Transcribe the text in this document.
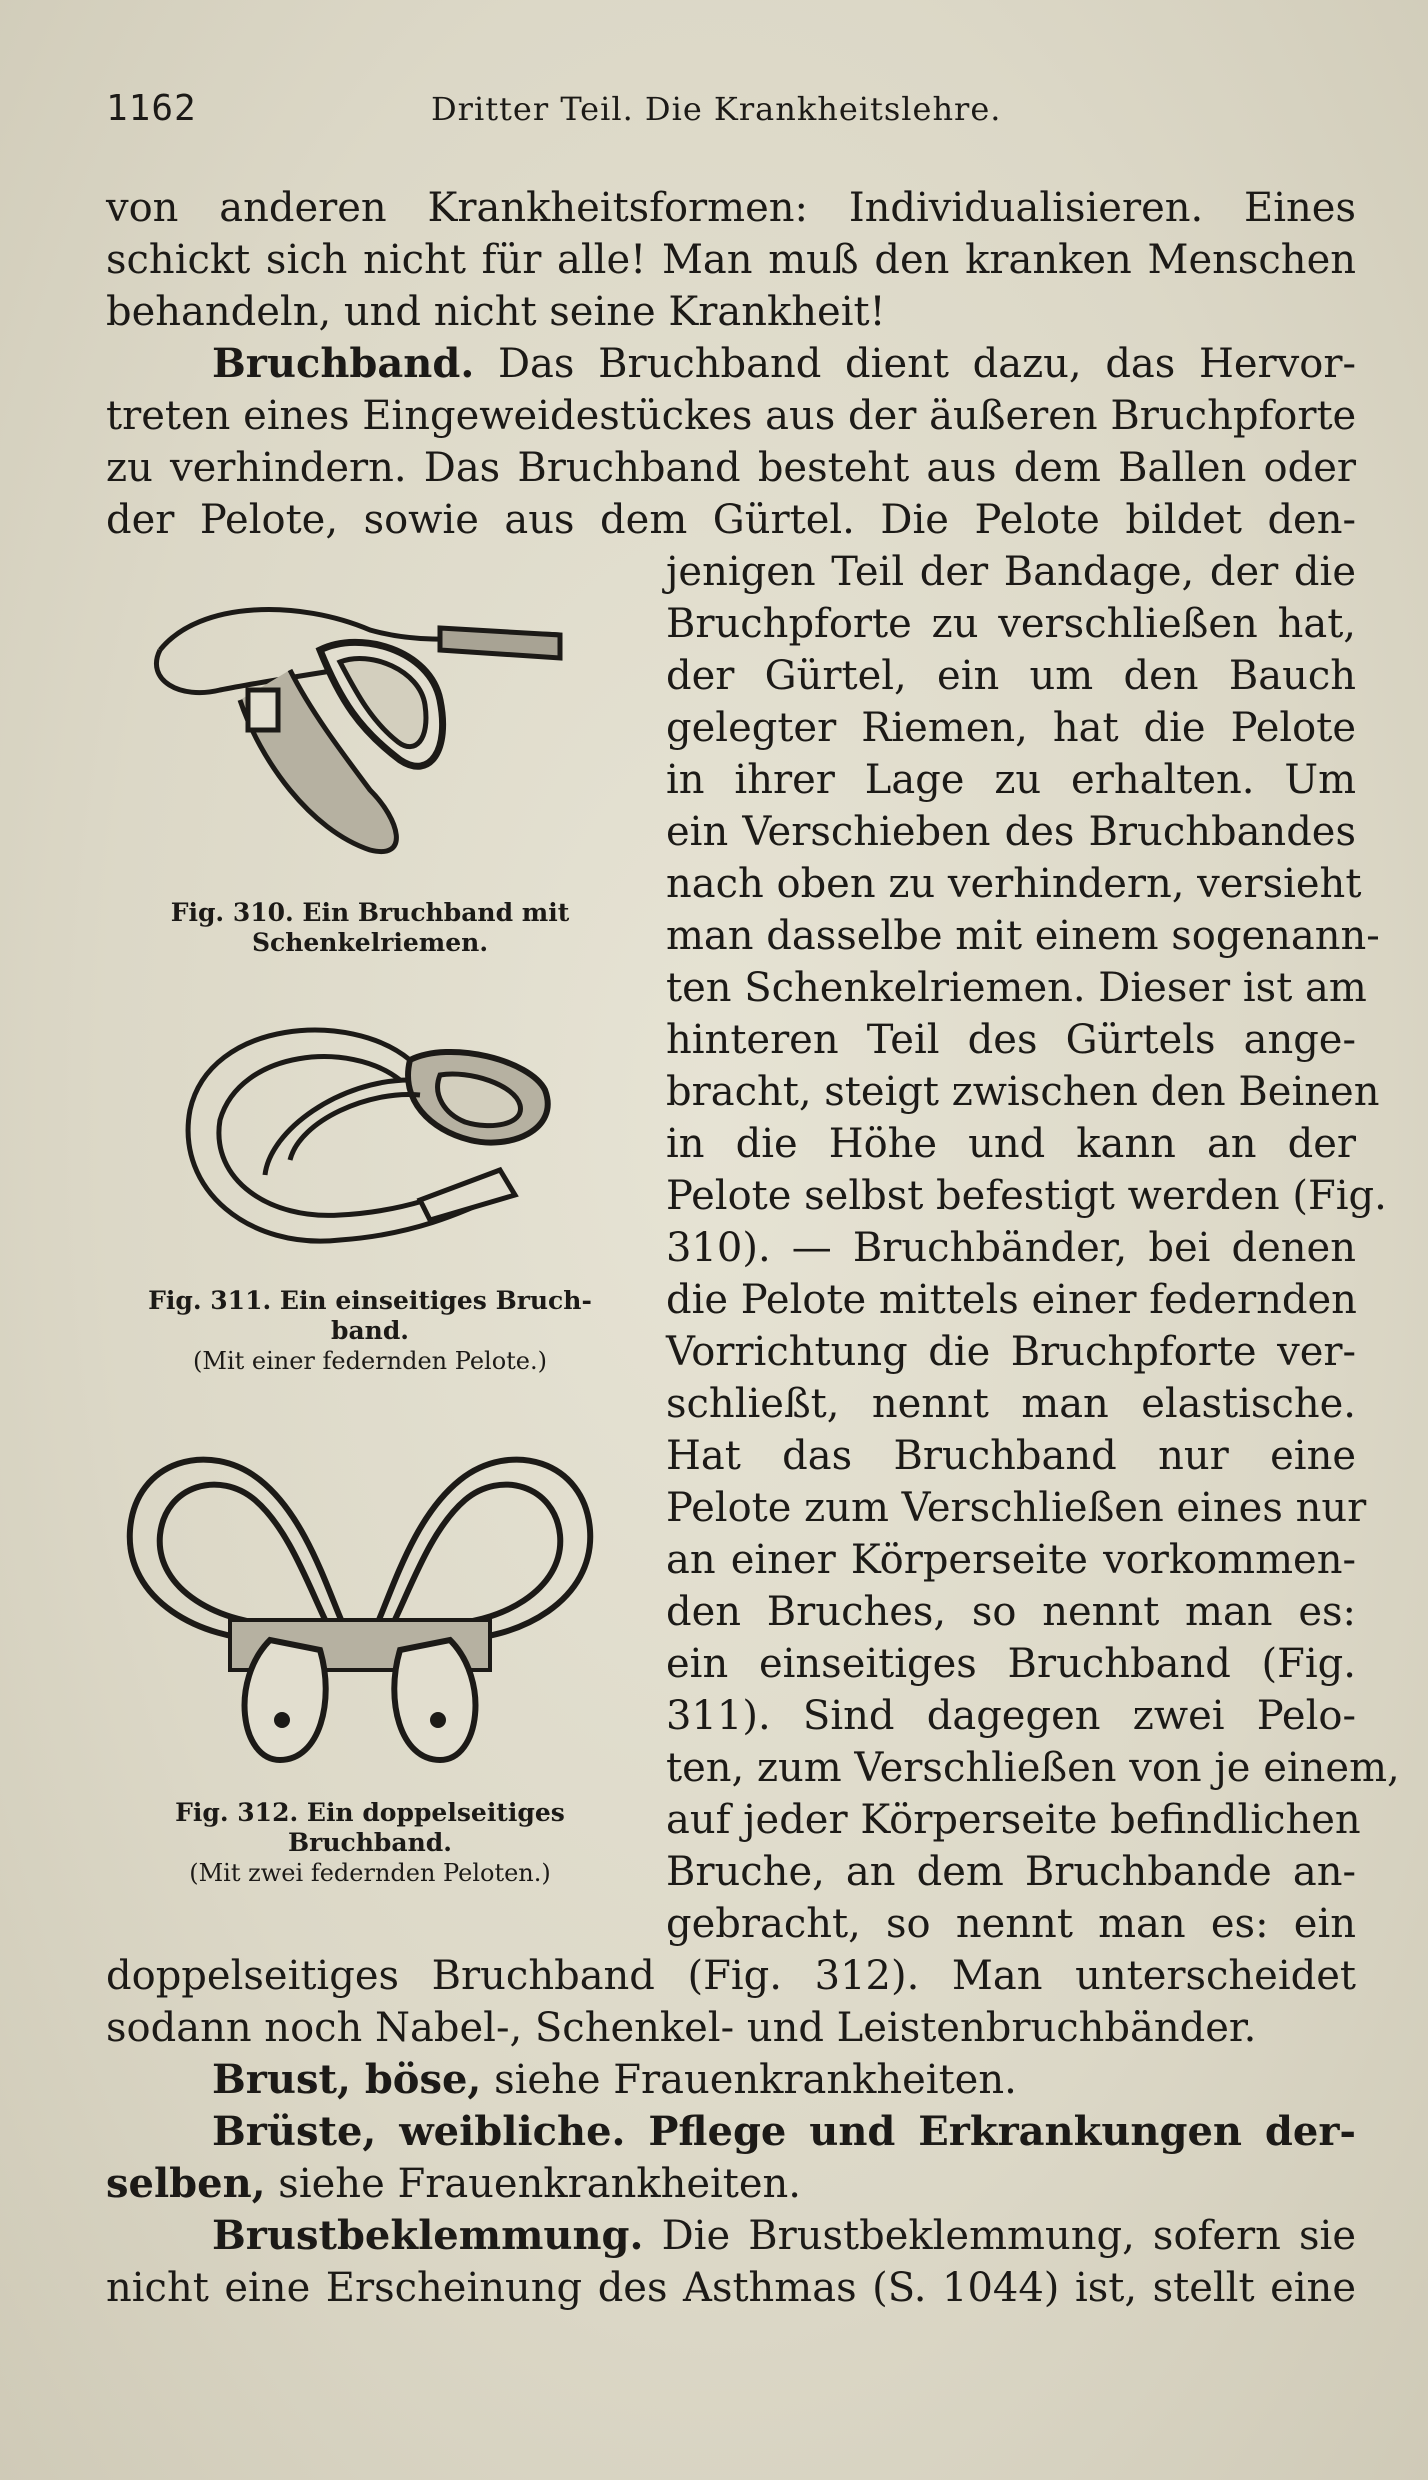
1162	Dritter Teil. Die Krankheitslehre.
von anderen Krankheitsformen: Individualisieren. Eines
schickt sich nicht für alle! Man muß den kranken Menschen
behandeln, und nicht seine Krankheit!
Bruchband. Das Bruchband dient dazu, das Hervor-
treten eines Eingeweidestückes aus der äußeren Bruchpforte
zu verhindern. Das Bruchband besteht aus dem Ballen oder
der Pelote, sowie aus dem Gürtel. Die Pelote bildet den-
jenigen Teil der Bandage, der die
Bruchpforte zu verschließen hat,
der Gürtel, ein um den Bauch
gelegter Riemen, hat die Pelote
in ihrer Lage zu erhalten. Um
ein Verschieben des Bruchbandes
nach oben zu verhindern, versieht
man dasselbe mit einem sogenann-
ten Schenkelriemen. Dieser ist am
hinteren Teil des Gürtels ange-
bracht, steigt zwischen den Beinen
in die Höhe und kann an der
Pelote selbst befestigt werden (Fig.
310). — Bruchbänder, bei denen
die Pelote mittels einer federnden
Vorrichtung die Bruchpforte ver-
schließt, nennt man elastische.
Hat das Bruchband nur eine
Pelote zum Verschließen eines nur
an einer Körperseite vorkommen-
den Bruches, so nennt man es:
ein einseitiges Bruchband (Fig.
311). Sind dagegen zwei Pelo-
ten, zum Verschließen von je einem,
auf jeder Körperseite befindlichen
Bruche, an dem Bruchbande an-
gebracht, so nennt man es: ein
Fig. 310. Ein Bruchband mit
Schenkelriemen.
Fig. 311. Ein einseitiges Bruch-
band.
(Mit einer federnden Pelote.)
Fig. 312. Ein doppelseitiges
Bruchband.
(Mit zwei federnden Peloten.)
doppelseitiges Bruchband (Fig. 312). Man unterscheidet
sodann noch Nabel-, Schenkel- und Leistenbruchbänder.
Brust, böse, siehe Frauenkrankheiten.
Brüste, weibliche. Pflege und Erkrankungen der-
selben, siehe Frauenkrankheiten.
Brustbeklemmung. Die Brustbeklemmung, sofern sie
nicht eine Erscheinung des Asthmas (S. 1044) ist, stellt eine
